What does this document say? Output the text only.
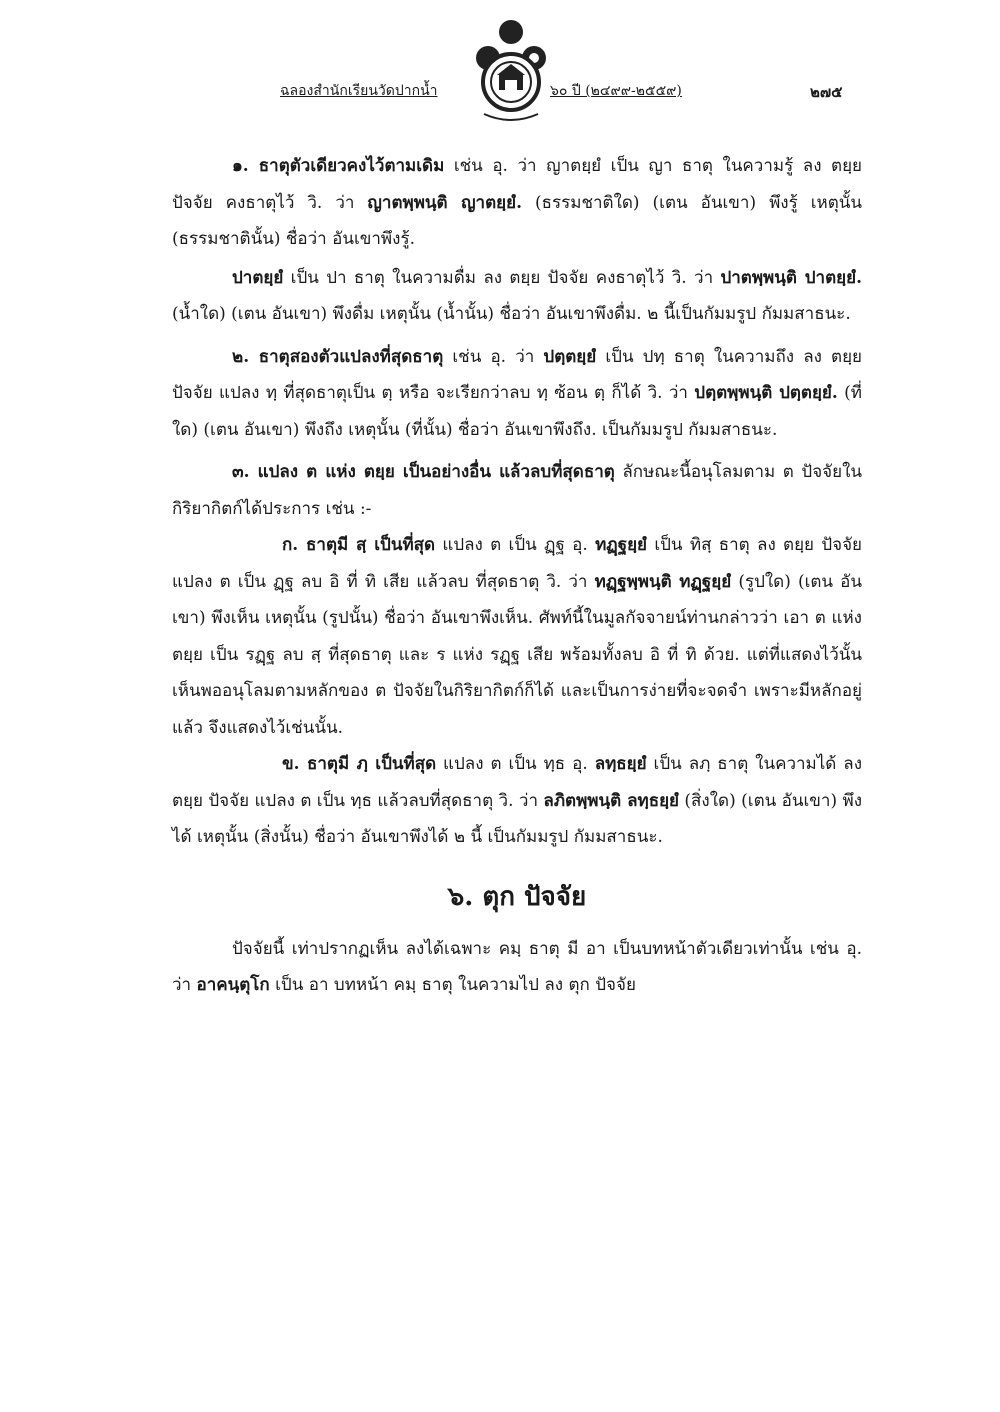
ฉลองสำนักเรียนวัดปากน้ำ	๖๐ ปี (๒๔๙๙-๒๕๕๙)	๒๗๕

๑. ธาตุตัวเดียวคงไว้ตามเดิม เช่น อุ. ว่า ญาตยฺยํ เป็น ญา ธาตุ ในความรู้ ลง ตยฺย ปัจจัย คงธาตุไว้ วิ. ว่า ญาตพฺพนฺติ ญาตยฺยํ. (ธรรมชาติใด) (เตน อันเขา) พึงรู้ เหตุนั้น (ธรรมชาตินั้น) ชื่อว่า อันเขาพึงรู้.

ปาตยฺยํ เป็น ปา ธาตุ ในความดื่ม ลง ตยฺย ปัจจัย คงธาตุไว้ วิ. ว่า ปาตพฺพนฺติ ปาตยฺยํ. (น้ำใด) (เตน อันเขา) พึงดื่ม เหตุนั้น (น้ำนั้น) ชื่อว่า อันเขาพึงดื่ม. ๒ นี้เป็นกัมมรูป กัมมสาธนะ.

๒. ธาตุสองตัวแปลงที่สุดธาตุ เช่น อุ. ว่า ปตฺตยฺยํ เป็น ปทฺ ธาตุ ในความถึง ลง ตยฺย ปัจจัย แปลง ทฺ ที่สุดธาตุเป็น ตฺ หรือ จะเรียกว่าลบ ทฺ ซ้อน ตฺ ก็ได้ วิ. ว่า ปตฺตพฺพนฺติ ปตฺตยฺยํ. (ที่ใด) (เตน อันเขา) พึงถึง เหตุนั้น (ที่นั้น) ชื่อว่า อันเขาพึงถึง. เป็นกัมมรูป กัมมสาธนะ.

๓. แปลง ต แห่ง ตยฺย เป็นอย่างอื่น แล้วลบที่สุดธาตุ ลักษณะนี้อนุโลมตาม ต ปัจจัยในกิริยากิตก์ได้ประการ เช่น :-

ก. ธาตุมี สฺ เป็นที่สุด แปลง ต เป็น ฏฺฐ อุ. ทฏฺฐยฺยํ เป็น ทิสฺ ธาตุ ลง ตยฺย ปัจจัย แปลง ต เป็น ฏฺฐ ลบ อิ ที่ ทิ เสีย แล้วลบ ที่สุดธาตุ วิ. ว่า ทฏฺฐพฺพนฺติ ทฏฺฐยฺยํ (รูปใด) (เตน อันเขา) พึงเห็น เหตุนั้น (รูปนั้น) ชื่อว่า อันเขาพึงเห็น. ศัพท์นี้ในมูลกัจจายน์ท่านกล่าวว่า เอา ต แห่ง ตยฺย เป็น รฏฺฐ ลบ สฺ ที่สุดธาตุ และ ร แห่ง รฏฺฐ เสีย พร้อมทั้งลบ อิ ที่ ทิ ด้วย. แต่ที่แสดงไว้นั้น เห็นพออนุโลมตามหลักของ ต ปัจจัยในกิริยากิตก์ก็ได้ และเป็นการง่ายที่จะจดจำ เพราะมีหลักอยู่แล้ว จึงแสดงไว้เช่นนั้น.

ข. ธาตุมี ภฺ เป็นที่สุด แปลง ต เป็น ทฺธ อุ. ลทฺธยฺยํ เป็น ลภฺ ธาตุ ในความได้ ลง ตยฺย ปัจจัย แปลง ต เป็น ทฺธ แล้วลบที่สุดธาตุ วิ. ว่า ลภิตพฺพนฺติ ลทฺธยฺยํ (สิ่งใด) (เตน อันเขา) พึงได้ เหตุนั้น (สิ่งนั้น) ชื่อว่า อันเขาพึงได้ ๒ นี้ เป็นกัมมรูป กัมมสาธนะ.

๖. ตุก ปัจจัย

ปัจจัยนี้ เท่าปรากฏเห็น ลงได้เฉพาะ คมฺ ธาตุ มี อา เป็นบทหน้าตัวเดียวเท่านั้น เช่น อุ. ว่า อาคนฺตุโก เป็น อา บทหน้า คมฺ ธาตุ ในความไป ลง ตุก ปัจจัย
